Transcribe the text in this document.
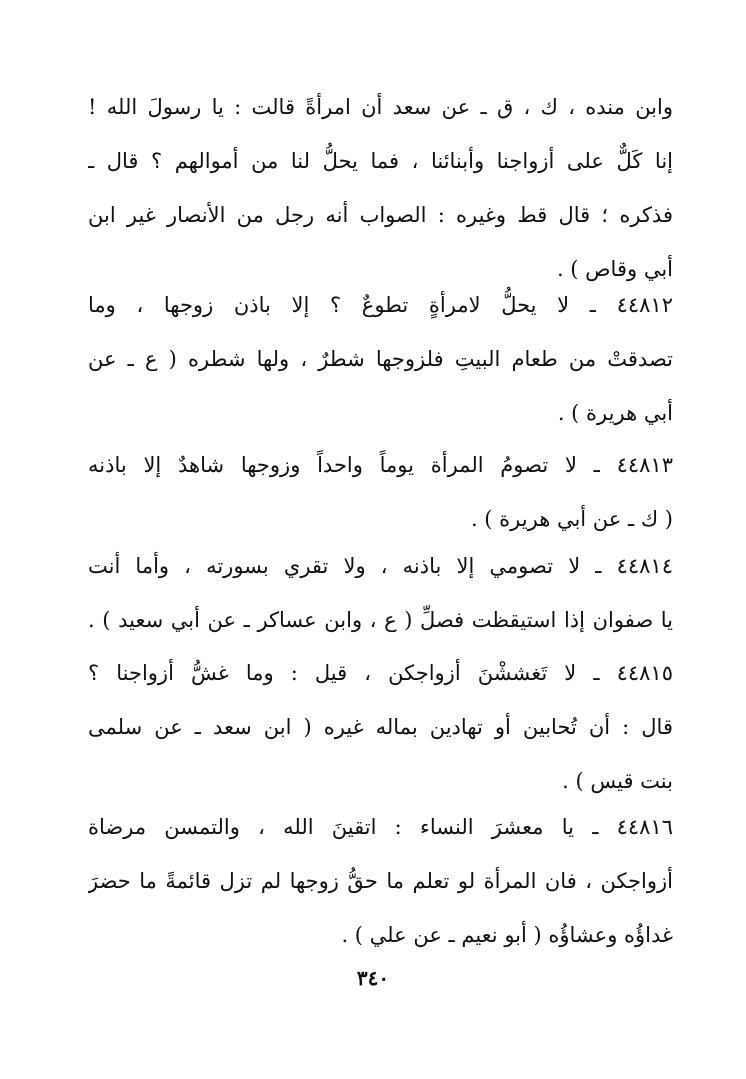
وابن منده ، ك ، ق ـ عن سعد أن امرأةً قالت : يا رسولَ الله !
إنا كَلٌّ على أزواجنا وأبنائنا ، فما يحلُّ لنا من أموالهم ؟ قال ـ
فذكره ؛ قال قط وغيره : الصواب أنه رجل من الأنصار غير ابن
أبي وقاص ) .
٤٤٨١٢ ـ لا يحلُّ لامرأةٍ تطوعٌ ؟ إلا باذن زوجها ، وما
تصدقتْ من طعام البيتِ فلزوجها شطرٌ ، ولها شطره ( ع ـ عن
أبي هريرة ) .
٤٤٨١٣ ـ لا تصومُ المرأة يوماً واحداً وزوجها شاهدٌ إلا باذنه
( ك ـ عن أبي هريرة ) .
٤٤٨١٤ ـ لا تصومي إلا باذنه ، ولا تقري بسورته ، وأما أنت
يا صفوان إذا استيقظت فصلِّ ( ع ، وابن عساكر ـ عن أبي سعيد ) .
٤٤٨١٥ ـ لا تَغششْنَ أزواجكن ، قيل : وما غشُّ أزواجنا ؟
قال : أن تُحابين أو تهادين بماله غيره ( ابن سعد ـ عن سلمى
بنت قيس ) .
٤٤٨١٦ ـ يا معشرَ النساء : اتقينَ الله ، والتمسن مرضاة
أزواجكن ، فان المرأة لو تعلم ما حقُّ زوجها لم تزل قائمةً ما حضرَ
غداؤُه وعشاؤُه ( أبو نعيم ـ عن علي ) .
٣٤٠
